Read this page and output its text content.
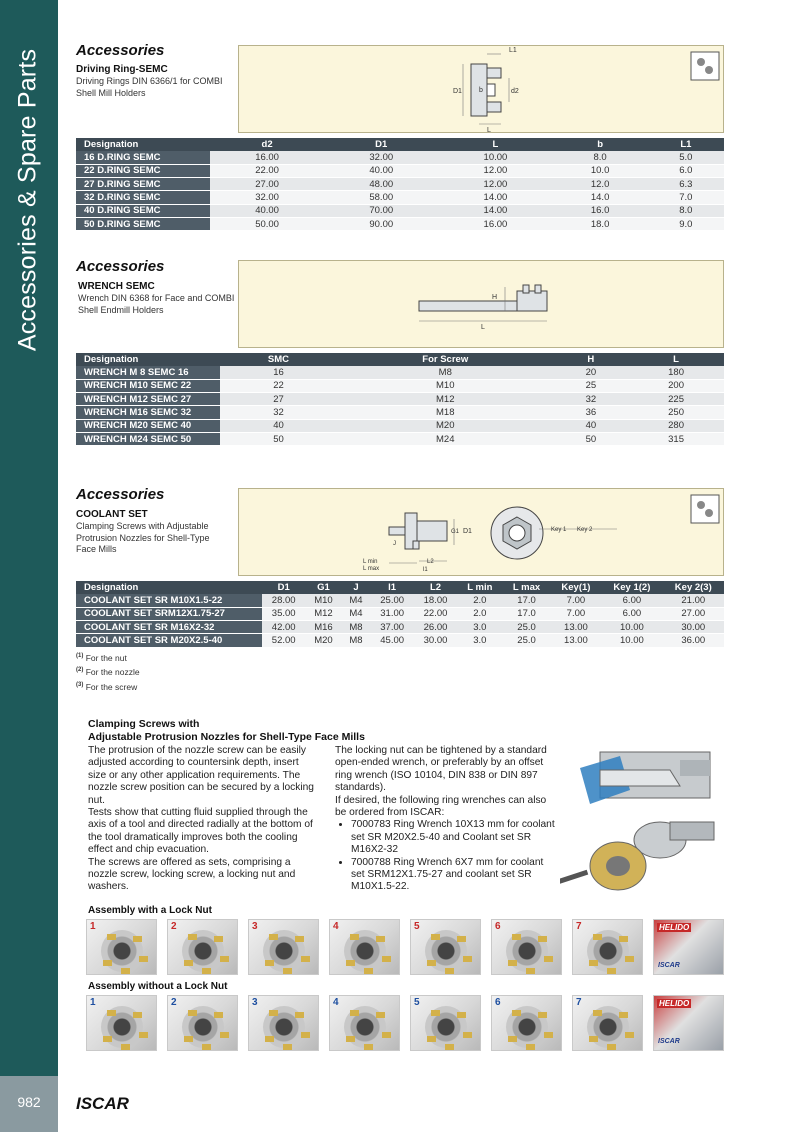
Accessories & Spare Parts
982	ISCAR
Accessories
Driving Ring-SEMC
Driving Rings DIN 6366/1 for COMBI Shell Mill Holders	D1
L1
b	d2
L
Designation	d2	D1	L	b	L1
16 D.RING SEMC	16.00	32.00	10.00	8.0	5.0
22 D.RING SEMC	22.00	40.00	12.00	10.0	6.0
27 D.RING SEMC	27.00	48.00	12.00	12.0	6.3
32 D.RING SEMC	32.00	58.00	14.00	14.0	7.0
40 D.RING SEMC	40.00	70.00	14.00	16.0	8.0
50 D.RING SEMC	50.00	90.00	16.00	18.0	9.0
Accessories
WRENCH SEMC
Wrench DIN 6368 for Face and COMBI Shell Endmill Holders
H
L
Designation	SMC	For Screw	H	L
WRENCH M 8 SEMC 16	16	M8	20	180
WRENCH M10 SEMC 22	22	M10	25	200
WRENCH M12 SEMC 27	27	M12	32	225
WRENCH M16 SEMC 32	32	M18	36	250
WRENCH M20 SEMC 40	40	M20	40	280
WRENCH M24 SEMC 50	50	M24	50	315
Accessories
COOLANT SET
Clamping Screws with Adjustable Protrusion Nozzles for Shell-Type Face Mills
D1
G1
J
L2
l1
L min
L max
Key 1 Key 2
Designation	D1	G1	J	l1	L2	L min	L max	Key(1)	Key 1(2)	Key 2(3)
COOLANT SET SR M10X1.5-22	28.00	M10	M4	25.00	18.00	2.0	17.0	7.00	6.00	21.00
COOLANT SET SRM12X1.75-27	35.00	M12	M4	31.00	22.00	2.0	17.0	7.00	6.00	27.00
COOLANT SET SR M16X2-32	42.00	M16	M8	37.00	26.00	3.0	25.0	13.00	10.00	30.00
COOLANT SET SR M20X2.5-40	52.00	M20	M8	45.00	30.00	3.0	25.0	13.00	10.00	36.00
$^{(1)}$ For the nut
$^{(2)}$ For the nozzle
$^{(3)}$ For the screw
Clamping Screws with
Adjustable Protrusion Nozzles for Shell-Type Face Mills

The protrusion of the nozzle screw can be easily adjusted according to countersink depth, insert size or any other application requirements. The nozzle screw position can be secured by a locking nut.

Tests show that cutting fluid supplied through the axis of a tool and directed radially at the bottom of the tool dramatically improves both the cooling effect and chip evacuation.

The screws are offered as sets, comprising a nozzle screw, locking screw, a locking nut and washers.

The locking nut can be tightened by a standard open-ended wrench, or preferably by an offset ring wrench (ISO 10104, DIN 838 or DIN 897 standards).

If desired, the following ring wrenches can also be ordered from ISCAR:

• 7000783 Ring Wrench 10X13 mm for coolant set SR M20X2.5-40 and Coolant set SR M16X2-32
• 7000788 Ring Wrench 6X7 mm for coolant set SRM12X1.75-27 and coolant set SR M10X1.5-22.
Assembly with a Lock Nut
1	2	3	4	5	6	7	HELIDO
ISCAR
Assembly without a Lock Nut
1	2	3	4	5	6	7	HELIDO
ISCAR
